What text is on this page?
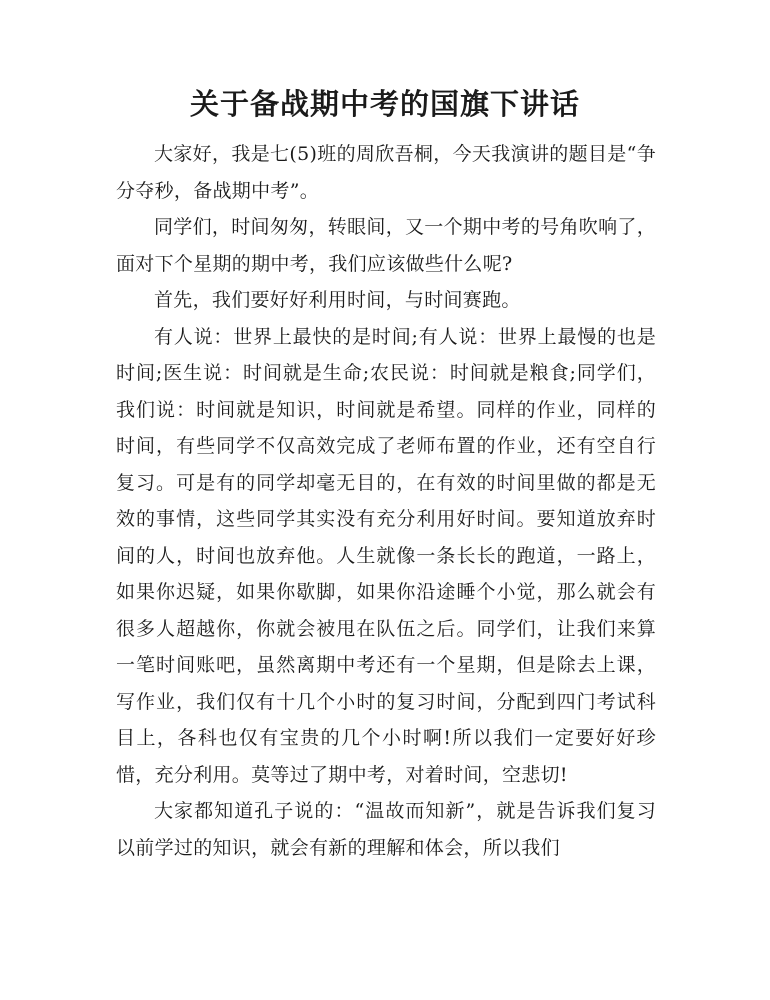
关于备战期中考的国旗下讲话

大家好，我是七(5)班的周欣吾桐，今天我演讲的题目是“争分夺秒，备战期中考”。

同学们，时间匆匆，转眼间，又一个期中考的号角吹响了，面对下个星期的期中考，我们应该做些什么呢?

首先，我们要好好利用时间，与时间赛跑。

有人说：世界上最快的是时间;有人说：世界上最慢的也是时间;医生说：时间就是生命;农民说：时间就是粮食;同学们，我们说：时间就是知识，时间就是希望。同样的作业，同样的时间，有些同学不仅高效完成了老师布置的作业，还有空自行复习。可是有的同学却毫无目的，在有效的时间里做的都是无效的事情，这些同学其实没有充分利用好时间。要知道放弃时间的人，时间也放弃他。人生就像一条长长的跑道，一路上，如果你迟疑，如果你歇脚，如果你沿途睡个小觉，那么就会有很多人超越你，你就会被甩在队伍之后。同学们，让我们来算一笔时间账吧，虽然离期中考还有一个星期，但是除去上课，写作业，我们仅有十几个小时的复习时间，分配到四门考试科目上，各科也仅有宝贵的几个小时啊!所以我们一定要好好珍惜，充分利用。莫等过了期中考，对着时间，空悲切!

大家都知道孔子说的：“温故而知新”，就是告诉我们复习以前学过的知识，就会有新的理解和体会，所以我们
